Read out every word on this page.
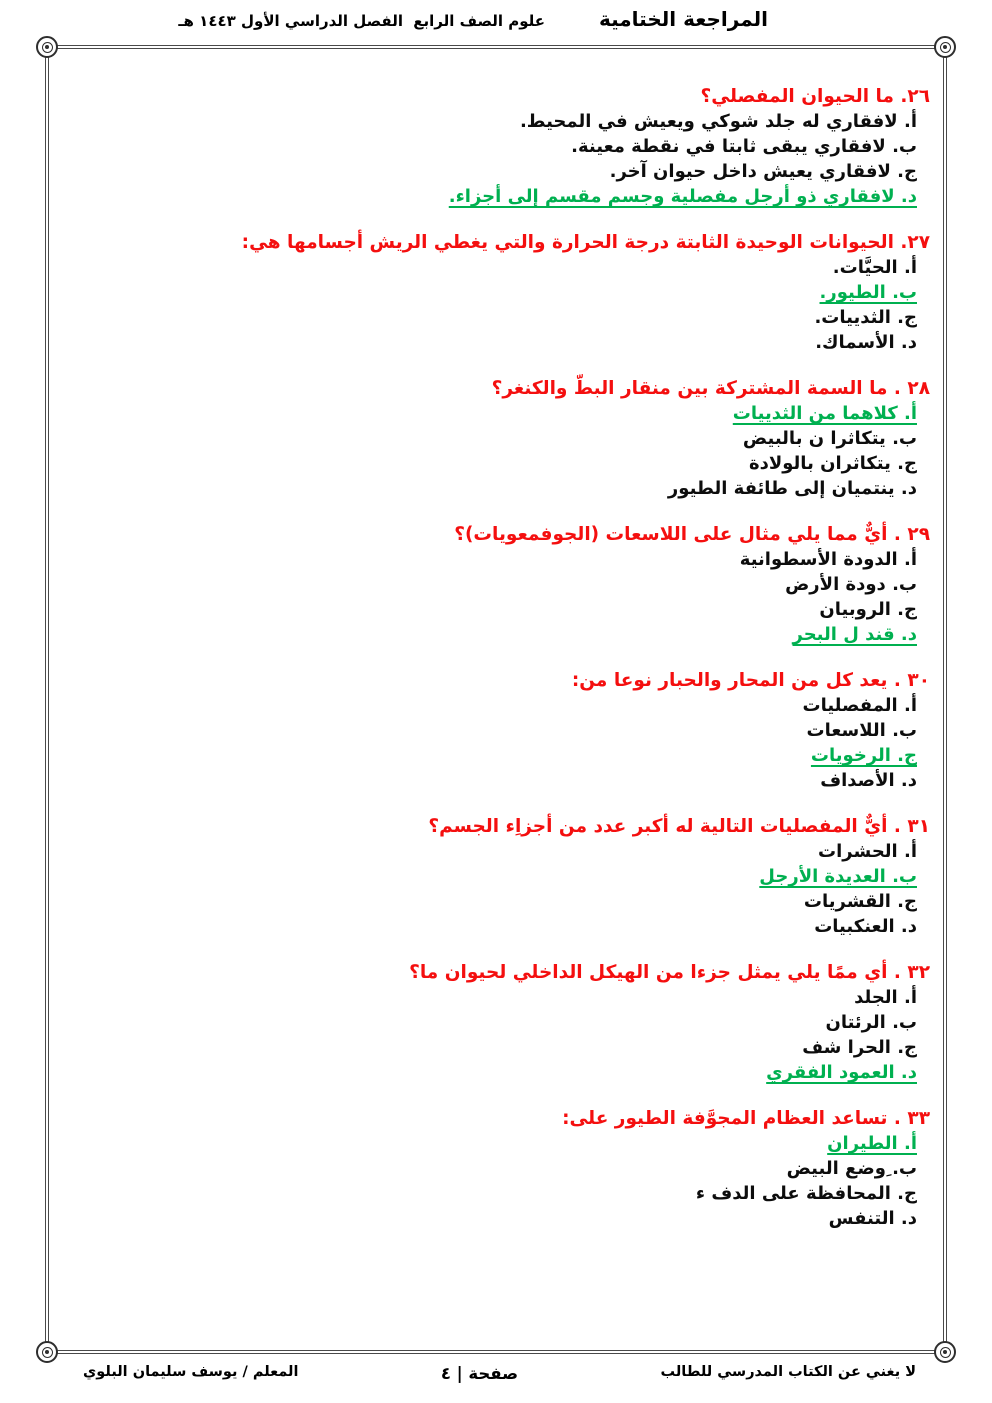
المراجعة الختامية
علوم الصف الرابع
الفصل الدراسي الأول ١٤٤٣ هـ
٢٦. ما الحيوان المفصلي؟
أ. لافقاري له جلد شوكي ويعيش في المحيط.
ب. لافقاري يبقى ثابتا في نقطة معينة.
ج. لافقاري يعيش داخل حيوان آخر.
د. لافقاري ذو أرجل مفصلية وجسم مقسم إلى أجزاء.
٢٧. الحيوانات الوحيدة الثابتة درجة الحرارة والتي يغطي الريش أجسامها هي:
أ. الحيَّات.
ب. الطيور.
ج. الثدييات.
د. الأسماك.
٢٨ . ما السمة المشتركة بين منقار البطّ والكنغر؟
أ. كلاهما من الثدييات
ب. يتكاثرا ن بالبيض
ج. يتكاثران بالولادة
د. ينتميان إلى طائفة الطيور
٢٩ . أيٌّ مما يلي مثال على اللاسعات (الجوفمعويات)؟
أ. الدودة الأسطوانية
ب. دودة الأرض
ج. الروبيان
د. قند ل البحر
٣٠ . يعد كل من المحار والحبار نوعا من:
أ. المفصليات
ب. اللاسعات
ج. الرخويات
د. الأصداف
٣١ . أيٌّ المفصليات التالية له أكبر عدد من أجزاِء الجسم؟
أ. الحشرات
ب. العديدة الأرجل
ج. القشريات
د. العنكبيات
٣٢ . أي ممًا يلي يمثل جزءا من الهيكل الداخلي لحيوان ما؟
أ. الجلد
ب. الرئتان
ج. الحرا شف
د. العمود الفقري
٣٣ . تساعد العظام المجوَّفة الطيور على:
أ. الطيران
ب. ِوضع البيض
ج. المحافظة على الدف ء
د. التنفس
لا يغني عن الكتاب المدرسي للطالب
صفحة | ٤
المعلم / يوسف سليمان البلوي
